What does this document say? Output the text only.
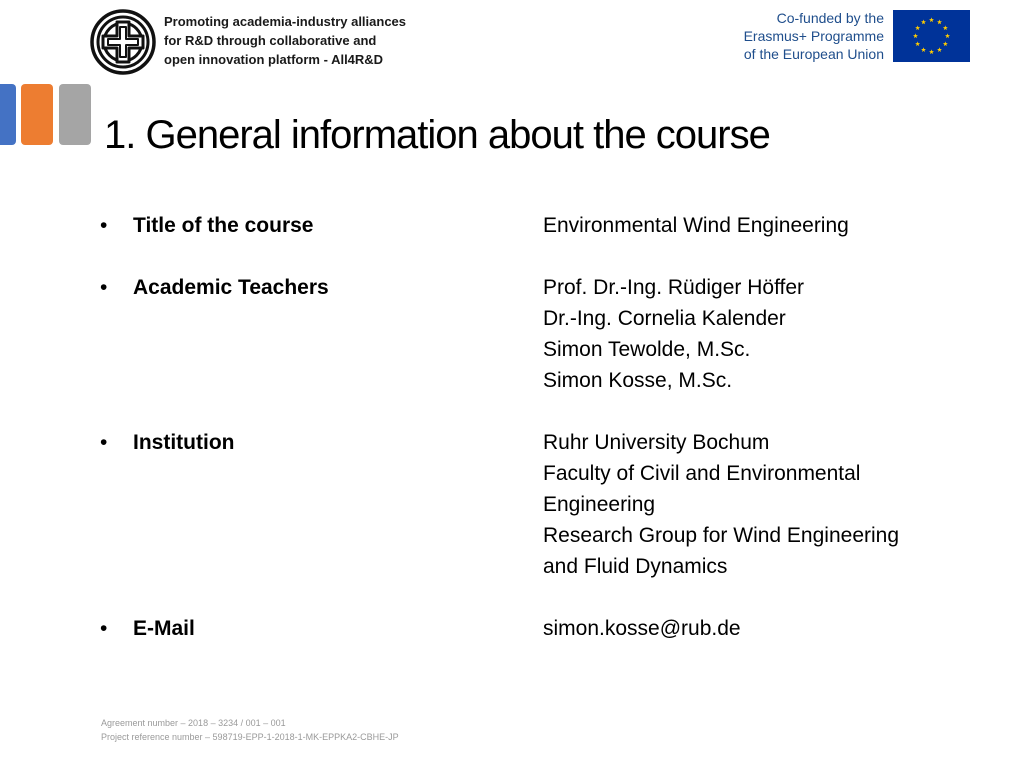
Promoting academia-industry alliances
for R&D through collaborative and
open innovation platform - All4R&D
Co-funded by the
Erasmus+ Programme
of the European Union
1. General information about the course
•	Title of the course	Environmental Wind Engineering
•	Academic Teachers	Prof. Dr.-Ing. Rüdiger Höffer
Dr.-Ing. Cornelia Kalender
Simon Tewolde, M.Sc.
Simon Kosse, M.Sc.
•	Institution	Ruhr University Bochum
Faculty of Civil and Environmental
Engineering
Research Group for Wind Engineering
and Fluid Dynamics
•	E-Mail	simon.kosse@rub.de
Agreement number – 2018 – 3234 / 001 – 001
Project reference number – 598719-EPP-1-2018-1-MK-EPPKA2-CBHE-JP
